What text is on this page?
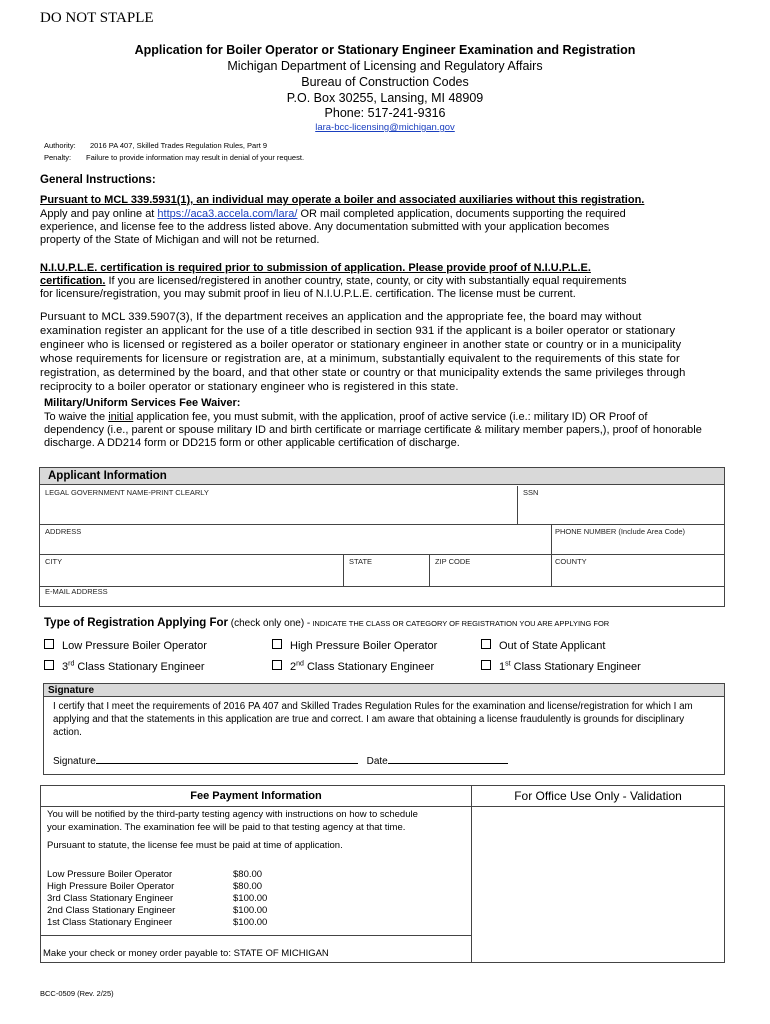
DO NOT STAPLE
Application for Boiler Operator or Stationary Engineer Examination and Registration
Michigan Department of Licensing and Regulatory Affairs
Bureau of Construction Codes
P.O. Box 30255, Lansing, MI 48909
Phone: 517-241-9316
lara-bcc-licensing@michigan.gov
Authority: 2016 PA 407, Skilled Trades Regulation Rules, Part 9
Penalty: Failure to provide information may result in denial of your request.
General Instructions:
Pursuant to MCL 339.5931(1), an individual may operate a boiler and associated auxiliaries without this registration.
Apply and pay online at https://aca3.accela.com/lara/ OR mail completed application, documents supporting the required
experience, and license fee to the address listed above. Any documentation submitted with your application becomes
property of the State of Michigan and will not be returned.
N.I.U.P.L.E. certification is required prior to submission of application. Please provide proof of N.I.U.P.L.E.
certification. If you are licensed/registered in another country, state, county, or city with substantially equal requirements
for licensure/registration, you may submit proof in lieu of N.I.U.P.L.E. certification. The license must be current.
Pursuant to MCL 339.5907(3), If the department receives an application and the appropriate fee, the board may without
examination register an applicant for the use of a title described in section 931 if the applicant is a boiler operator or stationary
engineer who is licensed or registered as a boiler operator or stationary engineer in another state or country or in a municipality
whose requirements for licensure or registration are, at a minimum, substantially equivalent to the requirements of this state for
registration, as determined by the board, and that other state or country or that municipality extends the same privileges through
reciprocity to a boiler operator or stationary engineer who is registered in this state.
Military/Uniform Services Fee Waiver:
To waive the initial application fee, you must submit, with the application, proof of active service (i.e.: military ID) OR Proof of
dependency (i.e., parent or spouse military ID and birth certificate or marriage certificate & military member papers,), proof of honorable
discharge. A DD214 form or DD215 form or other applicable certification of discharge.
Applicant Information
LEGAL GOVERNMENT NAME-PRINT CLEARLY	SSN
ADDRESS	PHONE NUMBER (Include Area Code)
CITY	STATE	ZIP CODE	COUNTY
E-MAIL ADDRESS
Type of Registration Applying For (check only one) - INDICATE THE CLASS OR CATEGORY OF REGISTRATION YOU ARE APPLYING FOR
Low Pressure Boiler Operator	High Pressure Boiler Operator	Out of State Applicant
3rd Class Stationary Engineer	2nd Class Stationary Engineer	1st Class Stationary Engineer
Signature
I certify that I meet the requirements of 2016 PA 407 and Skilled Trades Regulation Rules for the examination and license/registration for which I am
applying and that the statements in this application are true and correct. I am aware that obtaining a license fraudulently is grounds for disciplinary
action.
Signature	Date
Fee Payment Information
You will be notified by the third-party testing agency with instructions on how to schedule
your examination. The examination fee will be paid to that testing agency at that time.
Pursuant to statute, the license fee must be paid at time of application.
Low Pressure Boiler Operator	$80.00
High Pressure Boiler Operator	$80.00
3rd Class Stationary Engineer	$100.00
2nd Class Stationary Engineer	$100.00
1st Class Stationary Engineer	$100.00
Make your check or money order payable to: STATE OF MICHIGAN
For Office Use Only - Validation
BCC-0509 (Rev. 2/25)
